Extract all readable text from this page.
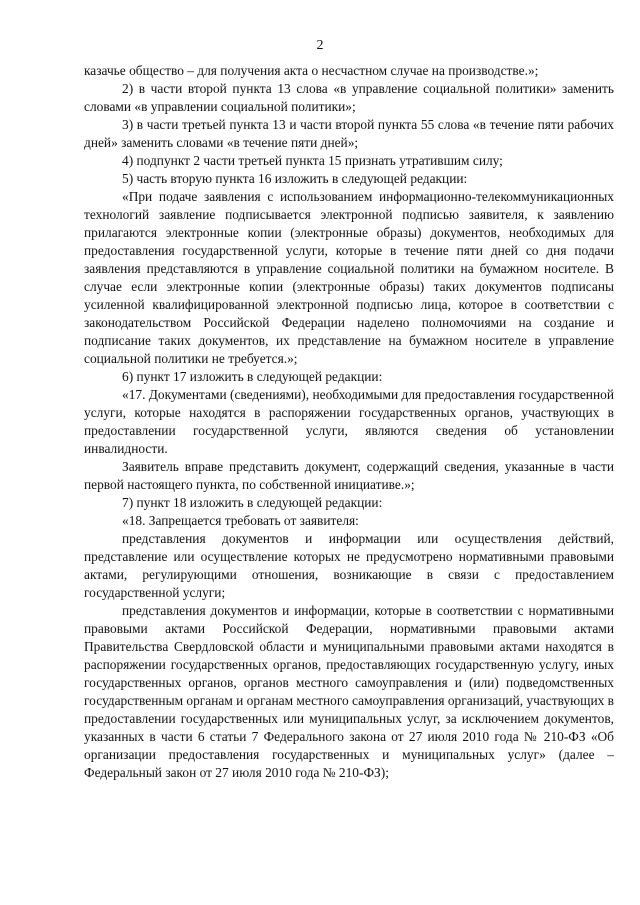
2

казачье общество – для получения акта о несчастном случае на производстве.»;

2) в части второй пункта 13 слова «в управление социальной политики» заменить словами «в управлении социальной политики»;

3) в части третьей пункта 13 и части второй пункта 55 слова «в течение пяти рабочих дней» заменить словами «в течение пяти дней»;

4) подпункт 2 части третьей пункта 15 признать утратившим силу;

5) часть вторую пункта 16 изложить в следующей редакции:

«При подаче заявления с использованием информационно-телекоммуникационных технологий заявление подписывается электронной подписью заявителя, к заявлению прилагаются электронные копии (электронные образы) документов, необходимых для предоставления государственной услуги, которые в течение пяти дней со дня подачи заявления представляются в управление социальной политики на бумажном носителе. В случае если электронные копии (электронные образы) таких документов подписаны усиленной квалифицированной электронной подписью лица, которое в соответствии с законодательством Российской Федерации наделено полномочиями на создание и подписание таких документов, их представление на бумажном носителе в управление социальной политики не требуется.»;

6) пункт 17 изложить в следующей редакции:

«17. Документами (сведениями), необходимыми для предоставления государственной услуги, которые находятся в распоряжении государственных органов, участвующих в предоставлении государственной услуги, являются сведения об установлении инвалидности.

Заявитель вправе представить документ, содержащий сведения, указанные в части первой настоящего пункта, по собственной инициативе.»;

7) пункт 18 изложить в следующей редакции:

«18. Запрещается требовать от заявителя:

представления документов и информации или осуществления действий, представление или осуществление которых не предусмотрено нормативными правовыми актами, регулирующими отношения, возникающие в связи с предоставлением государственной услуги;

представления документов и информации, которые в соответствии с нормативными правовыми актами Российской Федерации, нормативными правовыми актами Правительства Свердловской области и муниципальными правовыми актами находятся в распоряжении государственных органов, предоставляющих государственную услугу, иных государственных органов, органов местного самоуправления и (или) подведомственных государственным органам и органам местного самоуправления организаций, участвующих в предоставлении государственных или муниципальных услуг, за исключением документов, указанных в части 6 статьи 7 Федерального закона от 27 июля 2010 года № 210-ФЗ «Об организации предоставления государственных и муниципальных услуг» (далее – Федеральный закон от 27 июля 2010 года № 210-ФЗ);
